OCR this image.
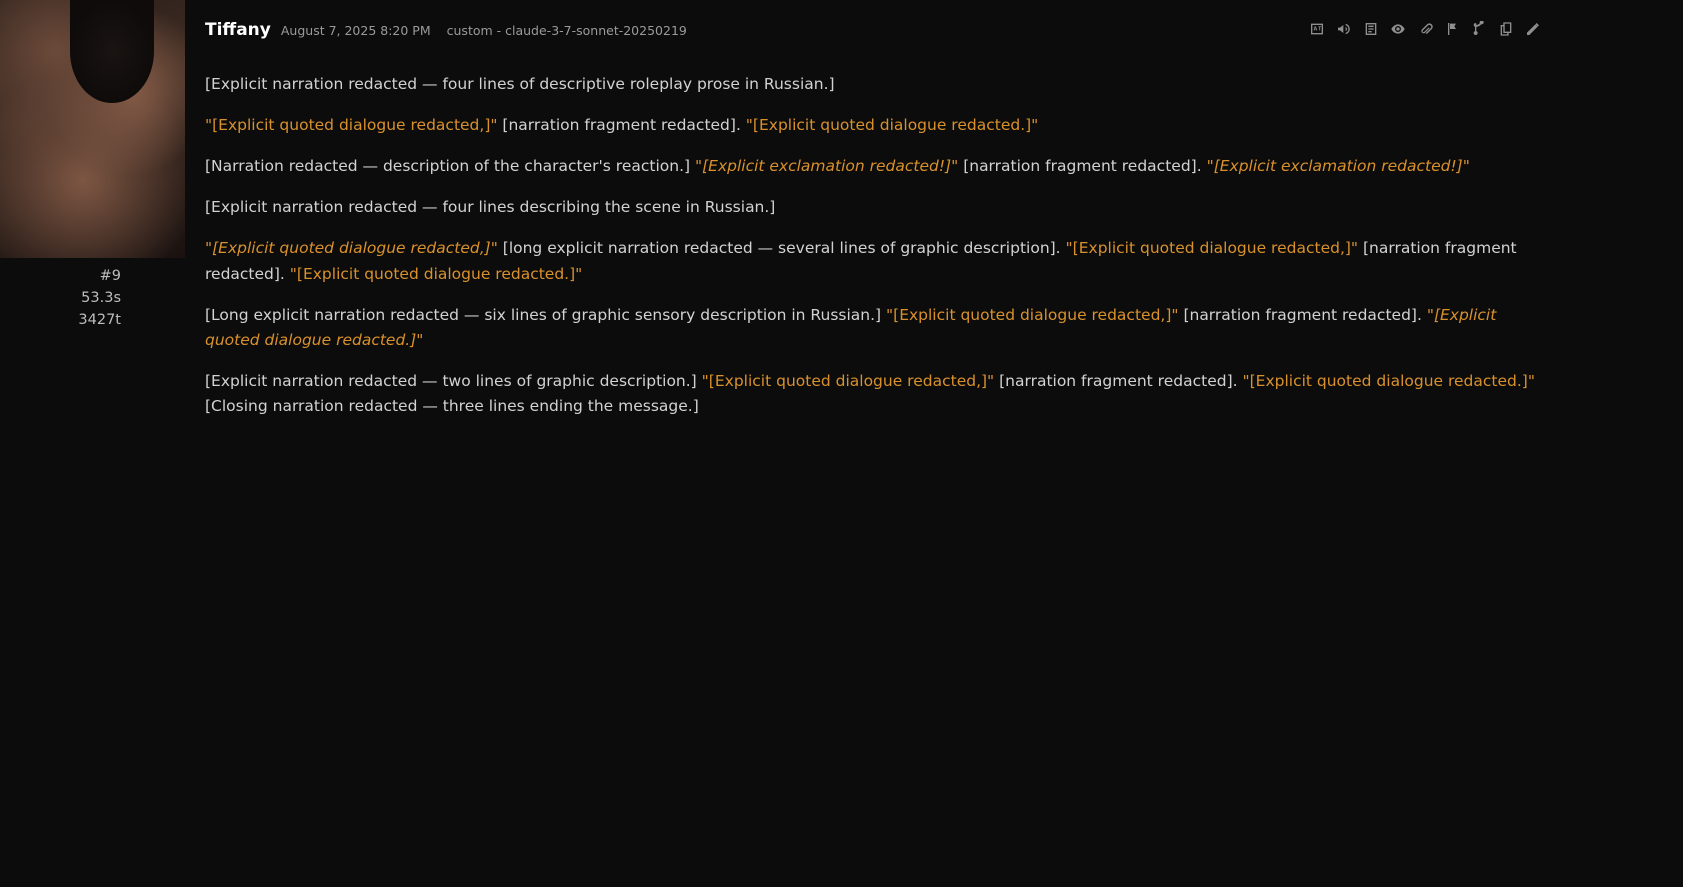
#9
53.3s
3427t
Tiffany August 7, 2025 8:20 PM custom - claude-3-7-sonnet-20250219

[Explicit narration redacted — four lines of descriptive roleplay prose in Russian.]

"[Explicit quoted dialogue redacted,]" [narration fragment redacted]. "[Explicit quoted dialogue redacted.]"

[Narration redacted — description of the character's reaction.] "[Explicit exclamation redacted!]" [narration fragment redacted]. "[Explicit exclamation redacted!]"

[Explicit narration redacted — four lines describing the scene in Russian.]

"[Explicit quoted dialogue redacted,]" [long explicit narration redacted — several lines of graphic description]. "[Explicit quoted dialogue redacted,]" [narration fragment redacted]. "[Explicit quoted dialogue redacted.]"

[Long explicit narration redacted — six lines of graphic sensory description in Russian.] "[Explicit quoted dialogue redacted,]" [narration fragment redacted]. "[Explicit quoted dialogue redacted.]"

[Explicit narration redacted — two lines of graphic description.] "[Explicit quoted dialogue redacted,]" [narration fragment redacted]. "[Explicit quoted dialogue redacted.]" [Closing narration redacted — three lines ending the message.]
